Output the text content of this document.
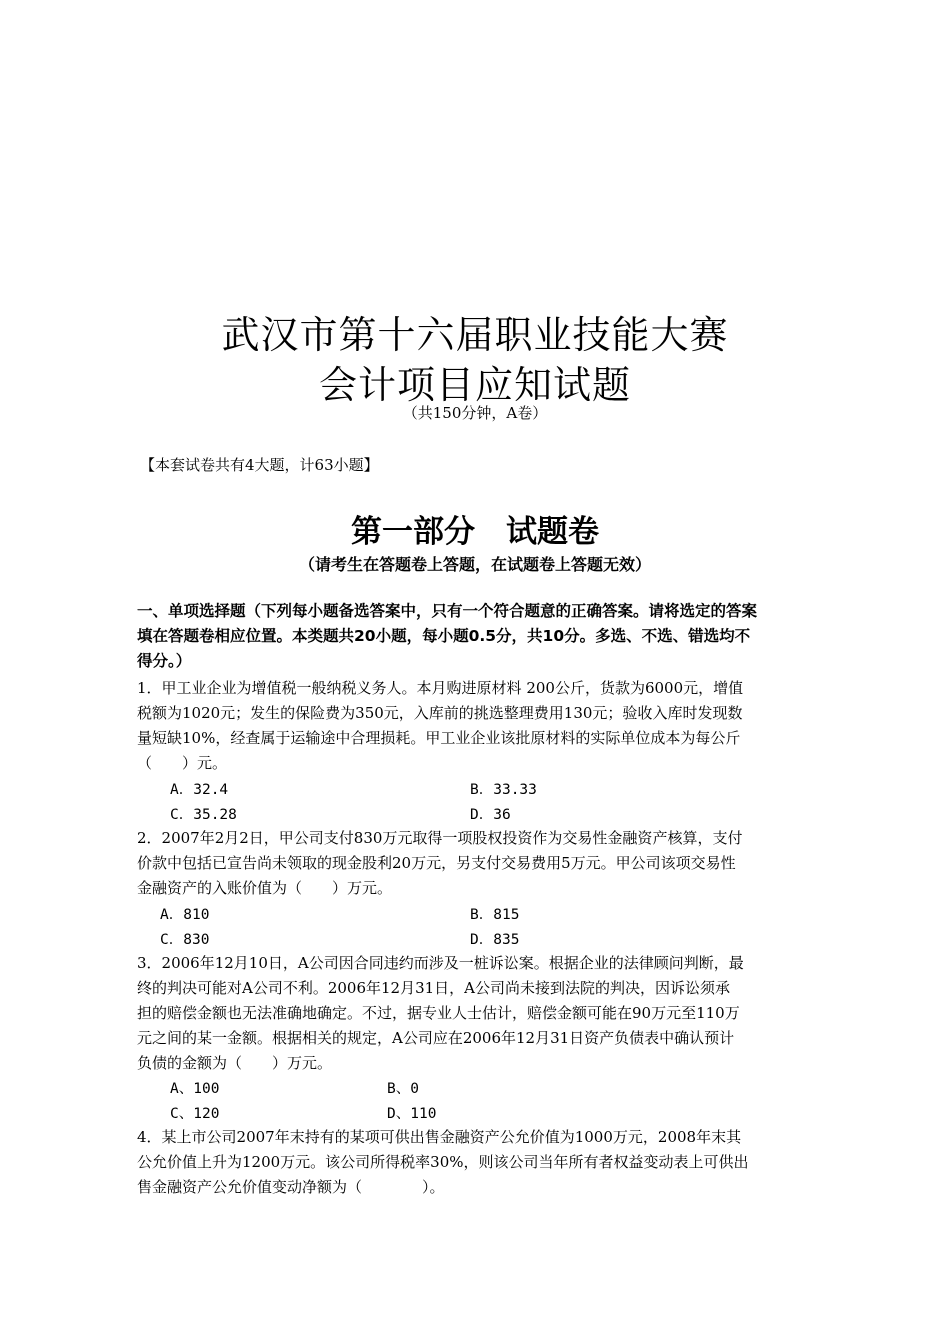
武汉市第十六届职业技能大赛
会计项目应知试题
（共150分钟，A卷）
【本套试卷共有4大题，计63小题】
第一部分　试题卷
（请考生在答题卷上答题，在试题卷上答题无效）
一、单项选择题（下列每小题备选答案中，只有一个符合题意的正确答案。请将选定的答案
填在答题卷相应位置。本类题共20小题，每小题0.5分，共10分。多选、不选、错选均不
得分。）
1．甲工业企业为增值税一般纳税义务人。本月购进原材料 200公斤，货款为6000元，增值
税额为1020元；发生的保险费为350元，入库前的挑选整理费用130元；验收入库时发现数
量短缺10%，经查属于运输途中合理损耗。甲工业企业该批原材料的实际单位成本为每公斤
（　　）元。
A．32.4	B．33.33
C．35.28	D．36
2．2007年2月2日，甲公司支付830万元取得一项股权投资作为交易性金融资产核算，支付
价款中包括已宣告尚未领取的现金股利20万元，另支付交易费用5万元。甲公司该项交易性
金融资产的入账价值为（　　）万元。
A．810	B．815
C．830	D．835
3．2006年12月10日，A公司因合同违约而涉及一桩诉讼案。根据企业的法律顾问判断，最
终的判决可能对A公司不利。2006年12月31日，A公司尚未接到法院的判决，因诉讼须承
担的赔偿金额也无法准确地确定。不过，据专业人士估计，赔偿金额可能在90万元至110万
元之间的某一金额。根据相关的规定，A公司应在2006年12月31日资产负债表中确认预计
负债的金额为（　　）万元。
A、100	B、0
C、120	D、110
4．某上市公司2007年末持有的某项可供出售金融资产公允价值为1000万元，2008年末其
公允价值上升为1200万元。该公司所得税率30%，则该公司当年所有者权益变动表上可供出
售金融资产公允价值变动净额为（　　　　）。
